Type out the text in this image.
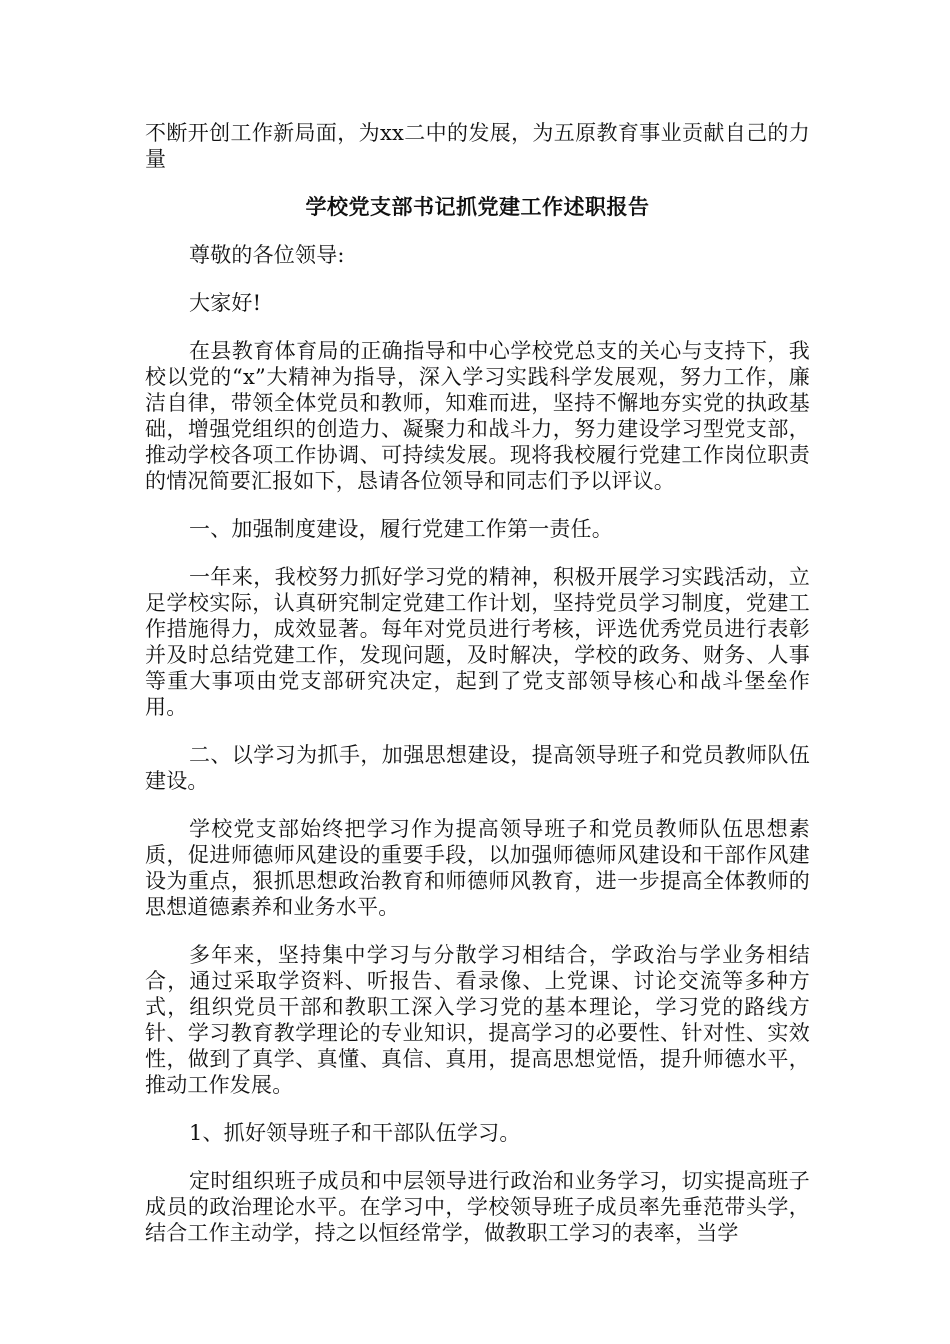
不断开创工作新局面，为xx二中的发展，为五原教育事业贡献自己的力量

学校党支部书记抓党建工作述职报告

尊敬的各位领导:

大家好!

在县教育体育局的正确指导和中心学校党总支的关心与支持下，我校以党的“x”大精神为指导，深入学习实践科学发展观，努力工作，廉洁自律，带领全体党员和教师，知难而进，坚持不懈地夯实党的执政基础，增强党组织的创造力、凝聚力和战斗力，努力建设学习型党支部，推动学校各项工作协调、可持续发展。现将我校履行党建工作岗位职责的情况简要汇报如下，恳请各位领导和同志们予以评议。

一、加强制度建设，履行党建工作第一责任。

一年来，我校努力抓好学习党的精神，积极开展学习实践活动，立足学校实际，认真研究制定党建工作计划，坚持党员学习制度，党建工作措施得力，成效显著。每年对党员进行考核，评选优秀党员进行表彰并及时总结党建工作，发现问题，及时解决，学校的政务、财务、人事等重大事项由党支部研究决定，起到了党支部领导核心和战斗堡垒作用。

二、以学习为抓手，加强思想建设，提高领导班子和党员教师队伍建设。

学校党支部始终把学习作为提高领导班子和党员教师队伍思想素质，促进师德师风建设的重要手段，以加强师德师风建设和干部作风建设为重点，狠抓思想政治教育和师德师风教育，进一步提高全体教师的思想道德素养和业务水平。

多年来，坚持集中学习与分散学习相结合，学政治与学业务相结合，通过采取学资料、听报告、看录像、上党课、讨论交流等多种方式，组织党员干部和教职工深入学习党的基本理论，学习党的路线方针、学习教育教学理论的专业知识，提高学习的必要性、针对性、实效性，做到了真学、真懂、真信、真用，提高思想觉悟，提升师德水平，推动工作发展。

1、抓好领导班子和干部队伍学习。

定时组织班子成员和中层领导进行政治和业务学习，切实提高班子成员的政治理论水平。在学习中，学校领导班子成员率先垂范带头学，结合工作主动学，持之以恒经常学，做教职工学习的表率，当学
